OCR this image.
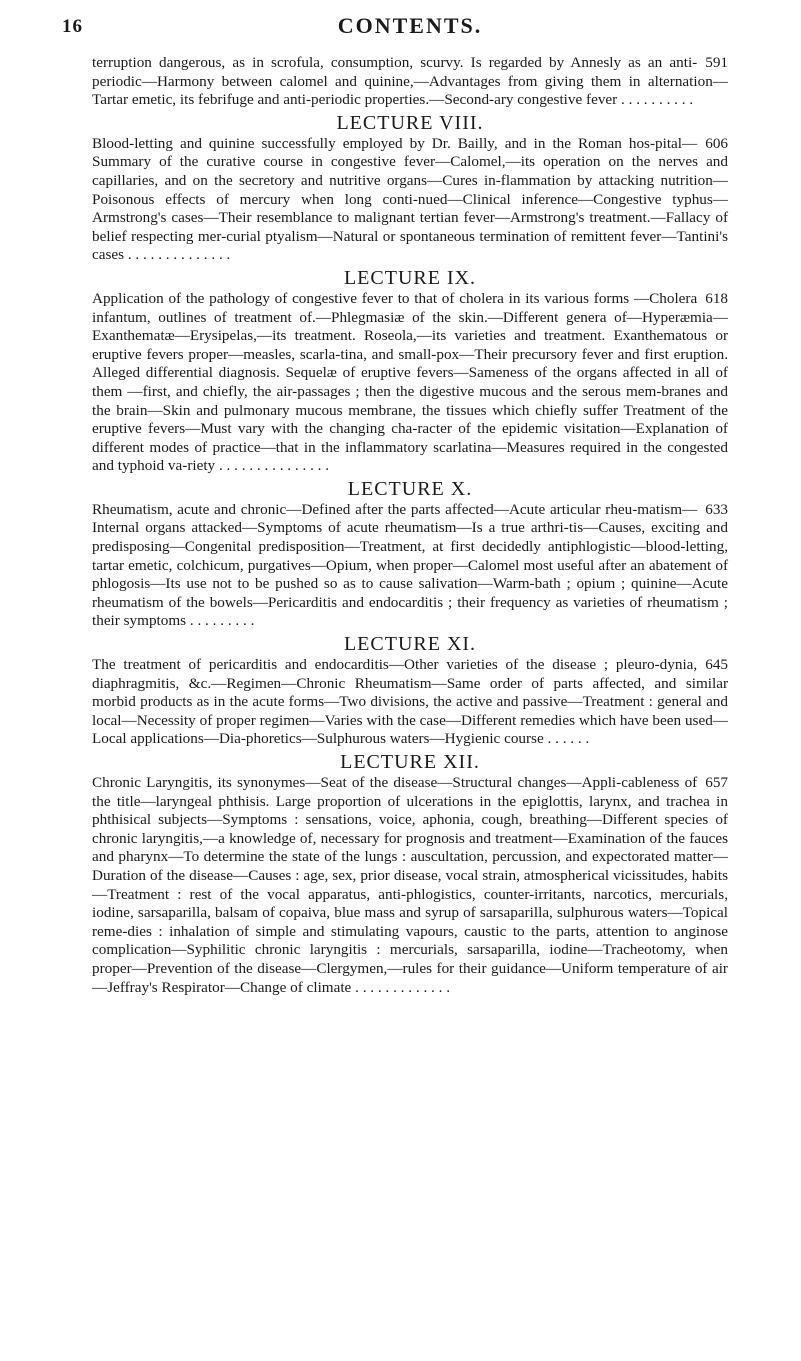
16	CONTENTS.

591
terruption dangerous, as in scrofula, consumption, scurvy. Is regarded by Annesly as an anti-periodic—Harmony between calomel and quinine,—Advantages from giving them in alternation—Tartar emetic, its febrifuge and anti-periodic properties.—Second-ary congestive fever . . . . . . . . . .

LECTURE VIII.

606
Blood-letting and quinine successfully employed by Dr. Bailly, and in the Roman hos-pital—Summary of the curative course in congestive fever—Calomel,—its operation on the nerves and capillaries, and on the secretory and nutritive organs—Cures in-flammation by attacking nutrition—Poisonous effects of mercury when long conti-nued—Clinical inference—Congestive typhus—Armstrong's cases—Their resemblance to malignant tertian fever—Armstrong's treatment.—Fallacy of belief respecting mer-curial ptyalism—Natural or spontaneous termination of remittent fever—Tantini's cases . . . . . . . . . . . . . .

LECTURE IX.

618
Application of the pathology of congestive fever to that of cholera in its various forms —Cholera infantum, outlines of treatment of.—Phlegmasiæ of the skin.—Different genera of—Hyperæmia—Exanthematæ—Erysipelas,—its treatment. Roseola,—its varieties and treatment. Exanthematous or eruptive fevers proper—measles, scarla-tina, and small-pox—Their precursory fever and first eruption. Alleged differential diagnosis. Sequelæ of eruptive fevers—Sameness of the organs affected in all of them —first, and chiefly, the air-passages ; then the digestive mucous and the serous mem-branes and the brain—Skin and pulmonary mucous membrane, the tissues which chiefly suffer Treatment of the eruptive fevers—Must vary with the changing cha-racter of the epidemic visitation—Explanation of different modes of practice—that in the inflammatory scarlatina—Measures required in the congested and typhoid va-riety . . . . . . . . . . . . . . .

LECTURE X.

633
Rheumatism, acute and chronic—Defined after the parts affected—Acute articular rheu-matism—Internal organs attacked—Symptoms of acute rheumatism—Is a true arthri-tis—Causes, exciting and predisposing—Congenital predisposition—Treatment, at first decidedly antiphlogistic—blood-letting, tartar emetic, colchicum, purgatives—Opium, when proper—Calomel most useful after an abatement of phlogosis—Its use not to be pushed so as to cause salivation—Warm-bath ; opium ; quinine—Acute rheumatism of the bowels—Pericarditis and endocarditis ; their frequency as varieties of rheumatism ; their symptoms . . . . . . . . .

LECTURE XI.

645
The treatment of pericarditis and endocarditis—Other varieties of the disease ; pleuro-dynia, diaphragmitis, &c.—Regimen—Chronic Rheumatism—Same order of parts affected, and similar morbid products as in the acute forms—Two divisions, the active and passive—Treatment : general and local—Necessity of proper regimen—Varies with the case—Different remedies which have been used—Local applications—Dia-phoretics—Sulphurous waters—Hygienic course . . . . . .

LECTURE XII.

657
Chronic Laryngitis, its synonymes—Seat of the disease—Structural changes—Appli-cableness of the title—laryngeal phthisis. Large proportion of ulcerations in the epiglottis, larynx, and trachea in phthisical subjects—Symptoms : sensations, voice, aphonia, cough, breathing—Different species of chronic laryngitis,—a knowledge of, necessary for prognosis and treatment—Examination of the fauces and pharynx—To determine the state of the lungs : auscultation, percussion, and expectorated matter—Duration of the disease—Causes : age, sex, prior disease, vocal strain, atmospherical vicissitudes, habits—Treatment : rest of the vocal apparatus, anti-phlogistics, counter-irritants, narcotics, mercurials, iodine, sarsaparilla, balsam of copaiva, blue mass and syrup of sarsaparilla, sulphurous waters—Topical reme-dies : inhalation of simple and stimulating vapours, caustic to the parts, attention to anginose complication—Syphilitic chronic laryngitis : mercurials, sarsaparilla, iodine—Tracheotomy, when proper—Prevention of the disease—Clergymen,—rules for their guidance—Uniform temperature of air—Jeffray's Respirator—Change of climate . . . . . . . . . . . . .
